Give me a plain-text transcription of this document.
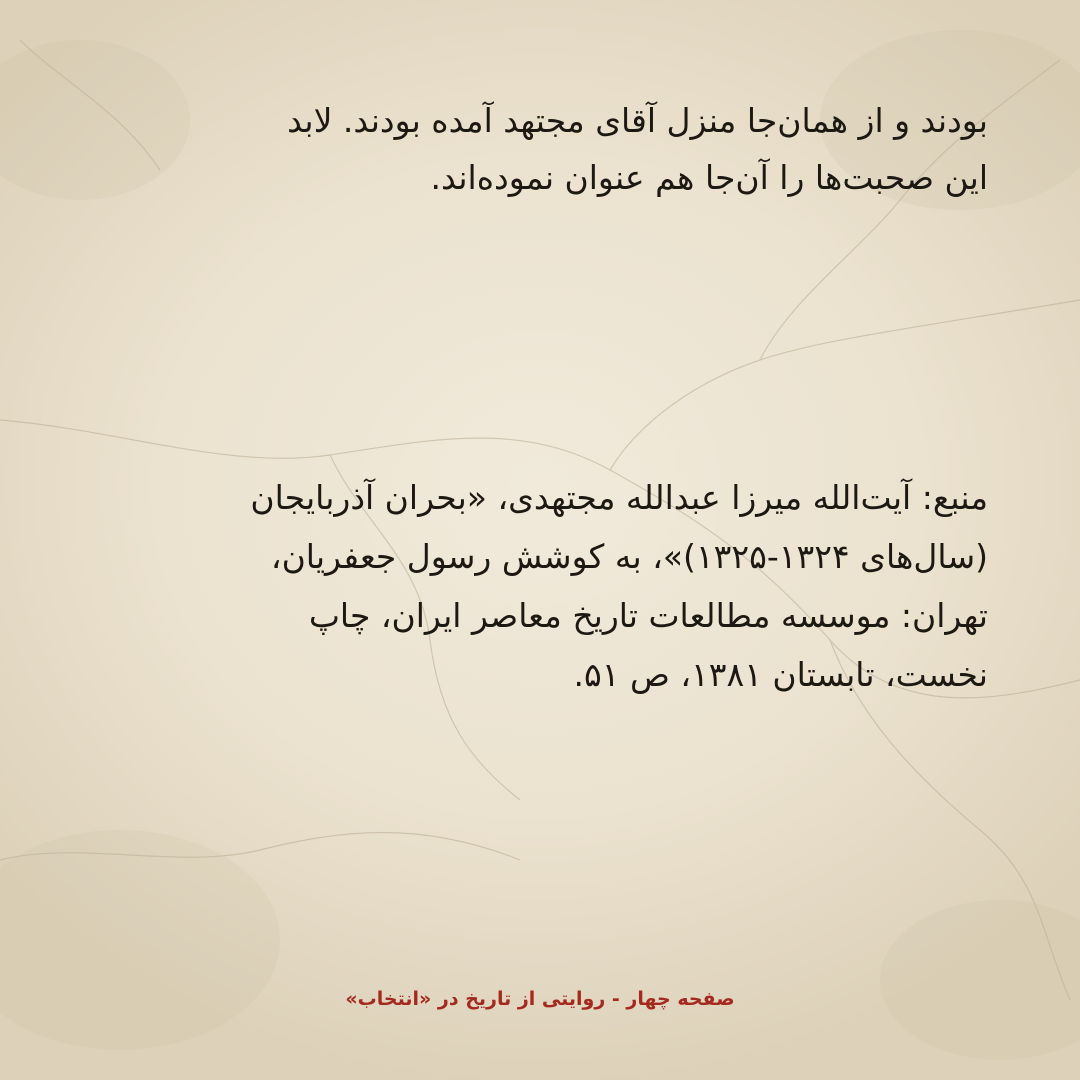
بودند و از همان‌جا منزل آقای مجتهد آمده بودند. لابد
این صحبت‌ها را آن‌جا هم عنوان نموده‌اند.
منبع: آیت‌الله میرزا عبدالله مجتهدی، «بحران آذربایجان
(سال‌های ۱۳۲۴-۱۳۲۵)»، به کوشش رسول جعفریان،
تهران: موسسه مطالعات تاریخ معاصر ایران، چاپ
نخست، تابستان ۱۳۸۱، ص ۵۱.
صفحه چهار - روایتی از تاریخ در «انتخاب»
